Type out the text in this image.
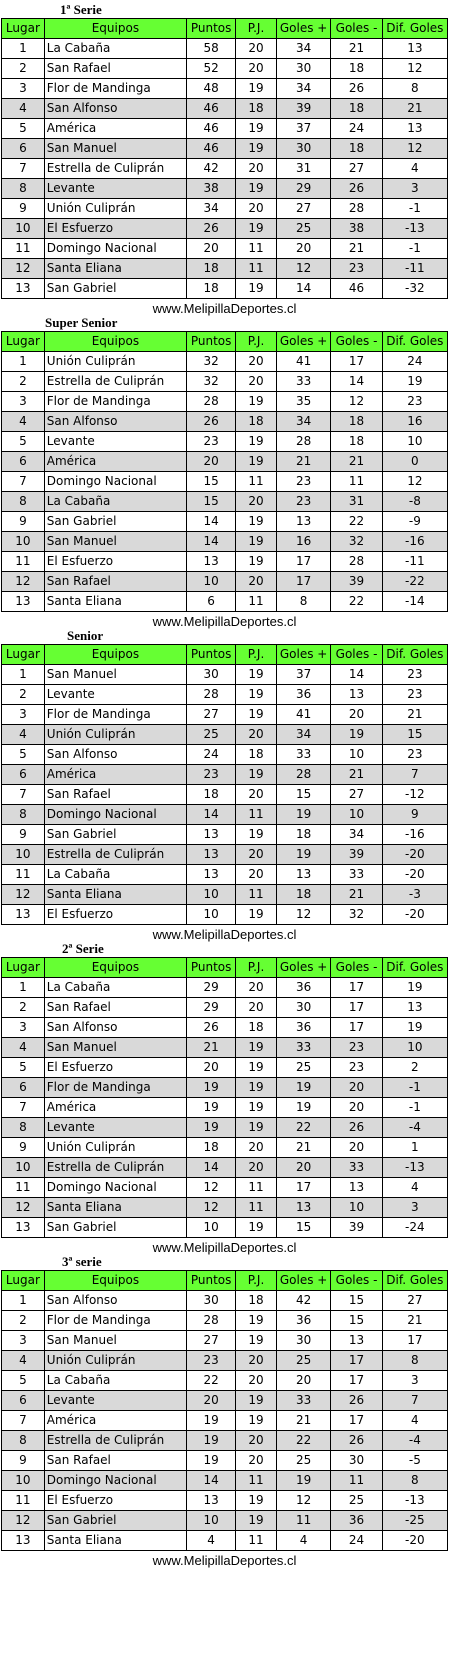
1ª Serie
Lugar	Equipos	Puntos	P.J.	Goles +	Goles -	Dif. Goles
1	La Cabaña	58	20	34	21	13
2	San Rafael	52	20	30	18	12
3	Flor de Mandinga	48	19	34	26	8
4	San Alfonso	46	18	39	18	21
5	América	46	19	37	24	13
6	San Manuel	46	19	30	18	12
7	Estrella de Culiprán	42	20	31	27	4
8	Levante	38	19	29	26	3
9	Unión Culiprán	34	20	27	28	-1
10	El Esfuerzo	26	19	25	38	-13
11	Domingo Nacional	20	11	20	21	-1
12	Santa Eliana	18	11	12	23	-11
13	San Gabriel	18	19	14	46	-32
www.MelipillaDeportes.cl
Super Senior
Lugar	Equipos	Puntos	P.J.	Goles +	Goles -	Dif. Goles
1	Unión Culiprán	32	20	41	17	24
2	Estrella de Culiprán	32	20	33	14	19
3	Flor de Mandinga	28	19	35	12	23
4	San Alfonso	26	18	34	18	16
5	Levante	23	19	28	18	10
6	América	20	19	21	21	0
7	Domingo Nacional	15	11	23	11	12
8	La Cabaña	15	20	23	31	-8
9	San Gabriel	14	19	13	22	-9
10	San Manuel	14	19	16	32	-16
11	El Esfuerzo	13	19	17	28	-11
12	San Rafael	10	20	17	39	-22
13	Santa Eliana	6	11	8	22	-14
www.MelipillaDeportes.cl
Senior
Lugar	Equipos	Puntos	P.J.	Goles +	Goles -	Dif. Goles
1	San Manuel	30	19	37	14	23
2	Levante	28	19	36	13	23
3	Flor de Mandinga	27	19	41	20	21
4	Unión Culiprán	25	20	34	19	15
5	San Alfonso	24	18	33	10	23
6	América	23	19	28	21	7
7	San Rafael	18	20	15	27	-12
8	Domingo Nacional	14	11	19	10	9
9	San Gabriel	13	19	18	34	-16
10	Estrella de Culiprán	13	20	19	39	-20
11	La Cabaña	13	20	13	33	-20
12	Santa Eliana	10	11	18	21	-3
13	El Esfuerzo	10	19	12	32	-20
www.MelipillaDeportes.cl
2ª Serie
Lugar	Equipos	Puntos	P.J.	Goles +	Goles -	Dif. Goles
1	La Cabaña	29	20	36	17	19
2	San Rafael	29	20	30	17	13
3	San Alfonso	26	18	36	17	19
4	San Manuel	21	19	33	23	10
5	El Esfuerzo	20	19	25	23	2
6	Flor de Mandinga	19	19	19	20	-1
7	América	19	19	19	20	-1
8	Levante	19	19	22	26	-4
9	Unión Culiprán	18	20	21	20	1
10	Estrella de Culiprán	14	20	20	33	-13
11	Domingo Nacional	12	11	17	13	4
12	Santa Eliana	12	11	13	10	3
13	San Gabriel	10	19	15	39	-24
www.MelipillaDeportes.cl
3ª serie
Lugar	Equipos	Puntos	P.J.	Goles +	Goles -	Dif. Goles
1	San Alfonso	30	18	42	15	27
2	Flor de Mandinga	28	19	36	15	21
3	San Manuel	27	19	30	13	17
4	Unión Culiprán	23	20	25	17	8
5	La Cabaña	22	20	20	17	3
6	Levante	20	19	33	26	7
7	América	19	19	21	17	4
8	Estrella de Culiprán	19	20	22	26	-4
9	San Rafael	19	20	25	30	-5
10	Domingo Nacional	14	11	19	11	8
11	El Esfuerzo	13	19	12	25	-13
12	San Gabriel	10	19	11	36	-25
13	Santa Eliana	4	11	4	24	-20
www.MelipillaDeportes.cl
